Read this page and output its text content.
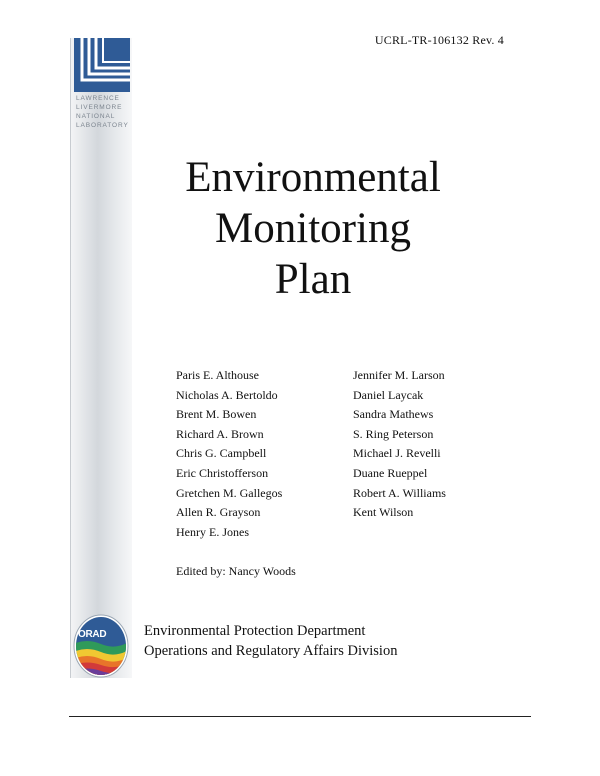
UCRL-TR-106132 Rev. 4
LAWRENCE
LIVERMORE
NATIONAL
LABORATORY
Environmental
Monitoring
Plan
Paris E. Althouse
Nicholas A. Bertoldo
Brent M. Bowen
Richard A. Brown
Chris G. Campbell
Eric Christofferson
Gretchen M. Gallegos
Allen R. Grayson
Henry E. Jones
Jennifer M. Larson
Daniel Laycak
Sandra Mathews
S. Ring Peterson
Michael J. Revelli
Duane Rueppel
Robert A. Williams
Kent Wilson
Edited by: Nancy Woods
ORAD	Environmental Protection Department
Operations and Regulatory Affairs Division
